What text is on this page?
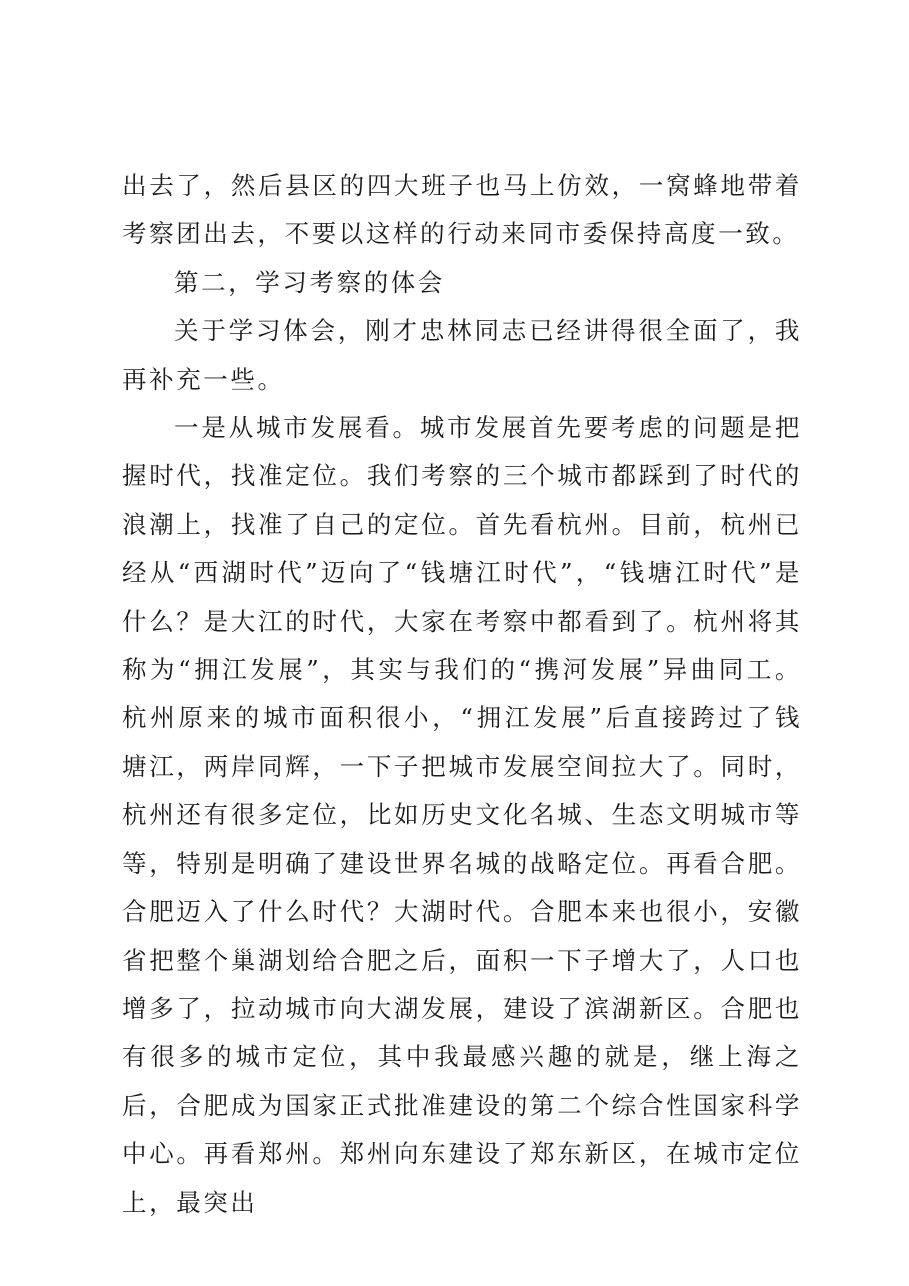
出去了，然后县区的四大班子也马上仿效，一窝蜂地带着考察团出去，不要以这样的行动来同市委保持高度一致。

第二，学习考察的体会

关于学习体会，刚才忠林同志已经讲得很全面了，我再补充一些。

一是从城市发展看。城市发展首先要考虑的问题是把握时代，找准定位。我们考察的三个城市都踩到了时代的浪潮上，找准了自己的定位。首先看杭州。目前，杭州已经从“西湖时代”迈向了“钱塘江时代”，“钱塘江时代”是什么？是大江的时代，大家在考察中都看到了。杭州将其称为“拥江发展”，其实与我们的“携河发展”异曲同工。杭州原来的城市面积很小，“拥江发展”后直接跨过了钱塘江，两岸同辉，一下子把城市发展空间拉大了。同时，杭州还有很多定位，比如历史文化名城、生态文明城市等等，特别是明确了建设世界名城的战略定位。再看合肥。合肥迈入了什么时代？大湖时代。合肥本来也很小，安徽省把整个巢湖划给合肥之后，面积一下子增大了，人口也增多了，拉动城市向大湖发展，建设了滨湖新区。合肥也有很多的城市定位，其中我最感兴趣的就是，继上海之后，合肥成为国家正式批准建设的第二个综合性国家科学中心。再看郑州。郑州向东建设了郑东新区，在城市定位上，最突出
